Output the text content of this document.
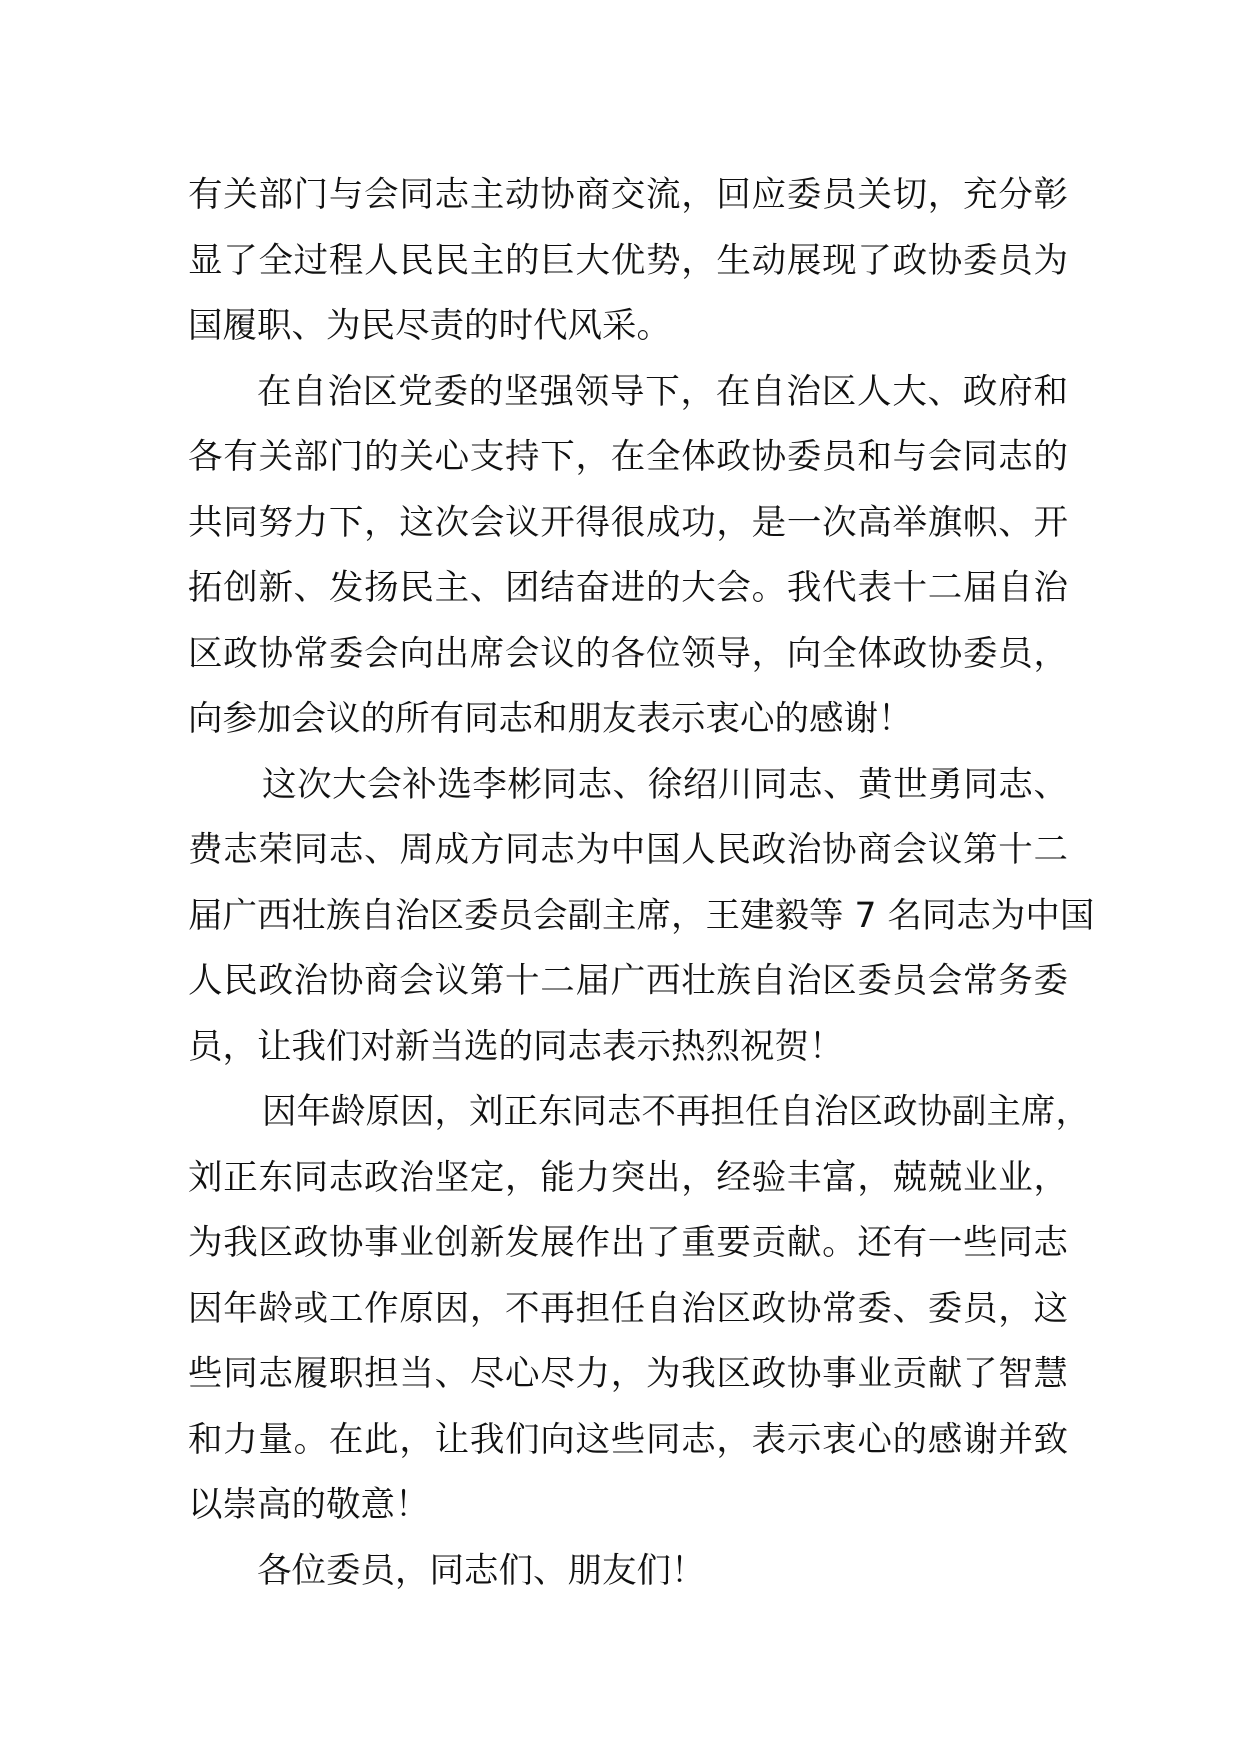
有关部门与会同志主动协商交流，回应委员关切，充分彰
显了全过程人民民主的巨大优势，生动展现了政协委员为
国履职、为民尽责的时代风采。

在自治区党委的坚强领导下，在自治区人大、政府和
各有关部门的关心支持下，在全体政协委员和与会同志的
共同努力下，这次会议开得很成功，是一次高举旗帜、开
拓创新、发扬民主、团结奋进的大会。我代表十二届自治
区政协常委会向出席会议的各位领导，向全体政协委员，
向参加会议的所有同志和朋友表示衷心的感谢！

这次大会补选李彬同志、徐绍川同志、黄世勇同志、
费志荣同志、周成方同志为中国人民政治协商会议第十二
届广西壮族自治区委员会副主席，王建毅等 7 名同志为中国
人民政治协商会议第十二届广西壮族自治区委员会常务委
员，让我们对新当选的同志表示热烈祝贺！

因年龄原因，刘正东同志不再担任自治区政协副主席，
刘正东同志政治坚定，能力突出，经验丰富，兢兢业业，
为我区政协事业创新发展作出了重要贡献。还有一些同志
因年龄或工作原因，不再担任自治区政协常委、委员，这
些同志履职担当、尽心尽力，为我区政协事业贡献了智慧
和力量。在此，让我们向这些同志，表示衷心的感谢并致
以崇高的敬意！

各位委员，同志们、朋友们！
